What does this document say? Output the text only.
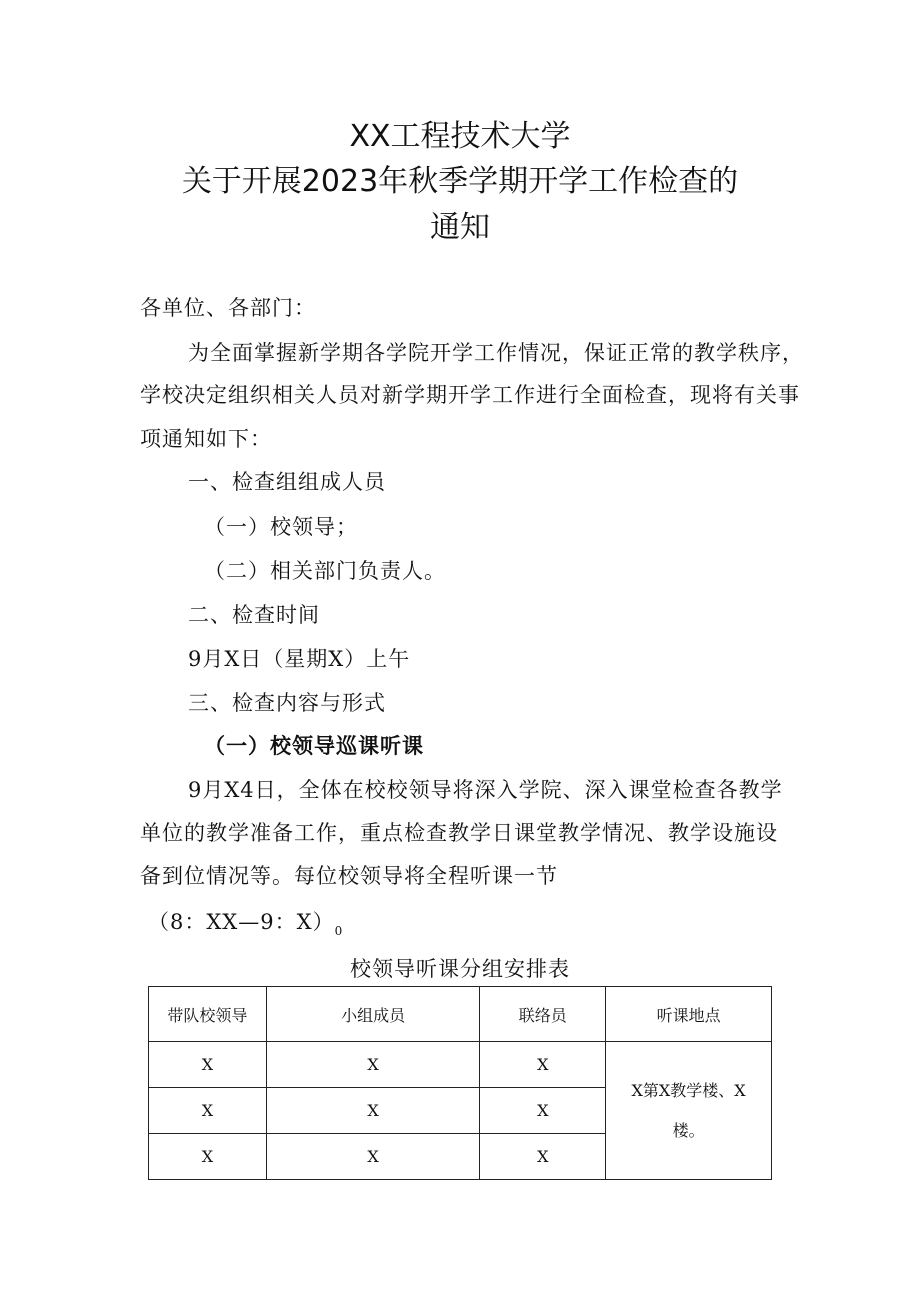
XX工程技术大学
关于开展2023年秋季学期开学工作检查的
通知
各单位、各部门：
为全面掌握新学期各学院开学工作情况，保证正常的教学秩序，
学校决定组织相关人员对新学期开学工作进行全面检查，现将有关事
项通知如下：
一、检查组组成人员
（一）校领导；
（二）相关部门负责人。
二、检查时间
9月X日（星期X）上午
三、检查内容与形式
（一）校领导巡课听课
9月X4日，全体在校校领导将深入学院、深入课堂检查各教学
单位的教学准备工作，重点检查教学日课堂教学情况、教学设施设
备到位情况等。每位校领导将全程听课一节
（8：XX—9：$X)_0$
校领导听课分组安排表
带队校领导	小组成员	联络员	听课地点
X	X	X	X第X教学楼、X
楼。

X	X	X	
X	X	X	
